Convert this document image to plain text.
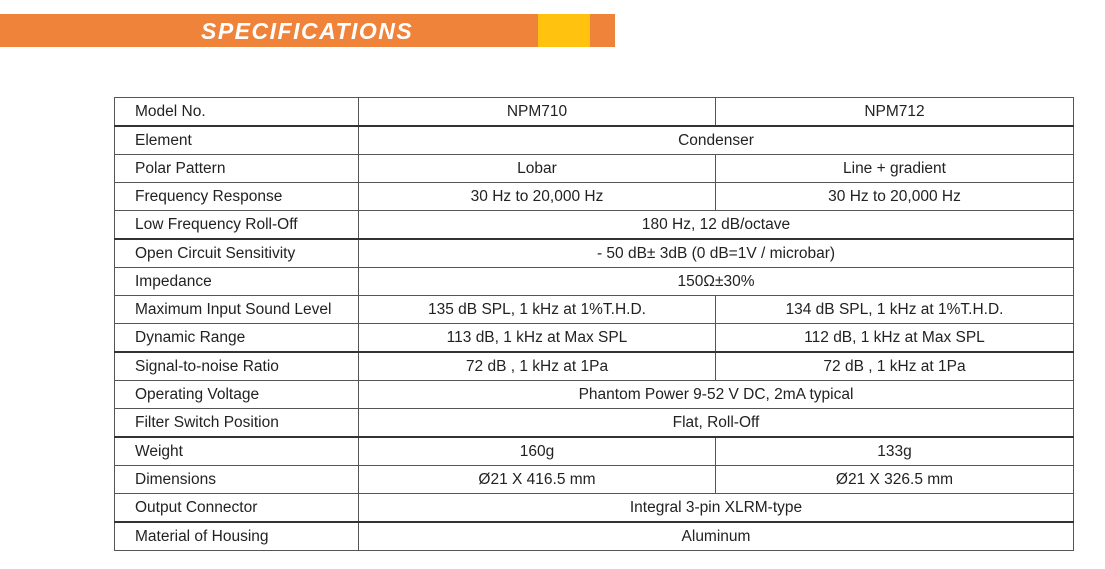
SPECIFICATIONS
Model No.	NPM710	NPM712
Element	Condenser	
Polar Pattern	Lobar	Line + gradient
Frequency Response	30 Hz to 20,000 Hz	30 Hz to 20,000 Hz
Low Frequency Roll-Off	180 Hz, 12 dB/octave	
Open Circuit Sensitivity	- 50 dB± 3dB (0 dB=1V / microbar)	
Impedance	150Ω±30%	
Maximum Input Sound Level	135 dB SPL, 1 kHz at 1%T.H.D.	134 dB SPL, 1 kHz at 1%T.H.D.
Dynamic Range	113 dB, 1 kHz at Max SPL	112 dB, 1 kHz at Max SPL
Signal-to-noise Ratio	72 dB , 1 kHz at 1Pa	72 dB , 1 kHz at 1Pa
Operating Voltage	Phantom Power 9-52 V DC, 2mA typical	
Filter Switch Position	Flat, Roll-Off	
Weight	160g	133g
Dimensions	Ø21 X 416.5 mm	Ø21 X 326.5 mm
Output Connector	Integral 3-pin XLRM-type	
Material of Housing	Aluminum	
